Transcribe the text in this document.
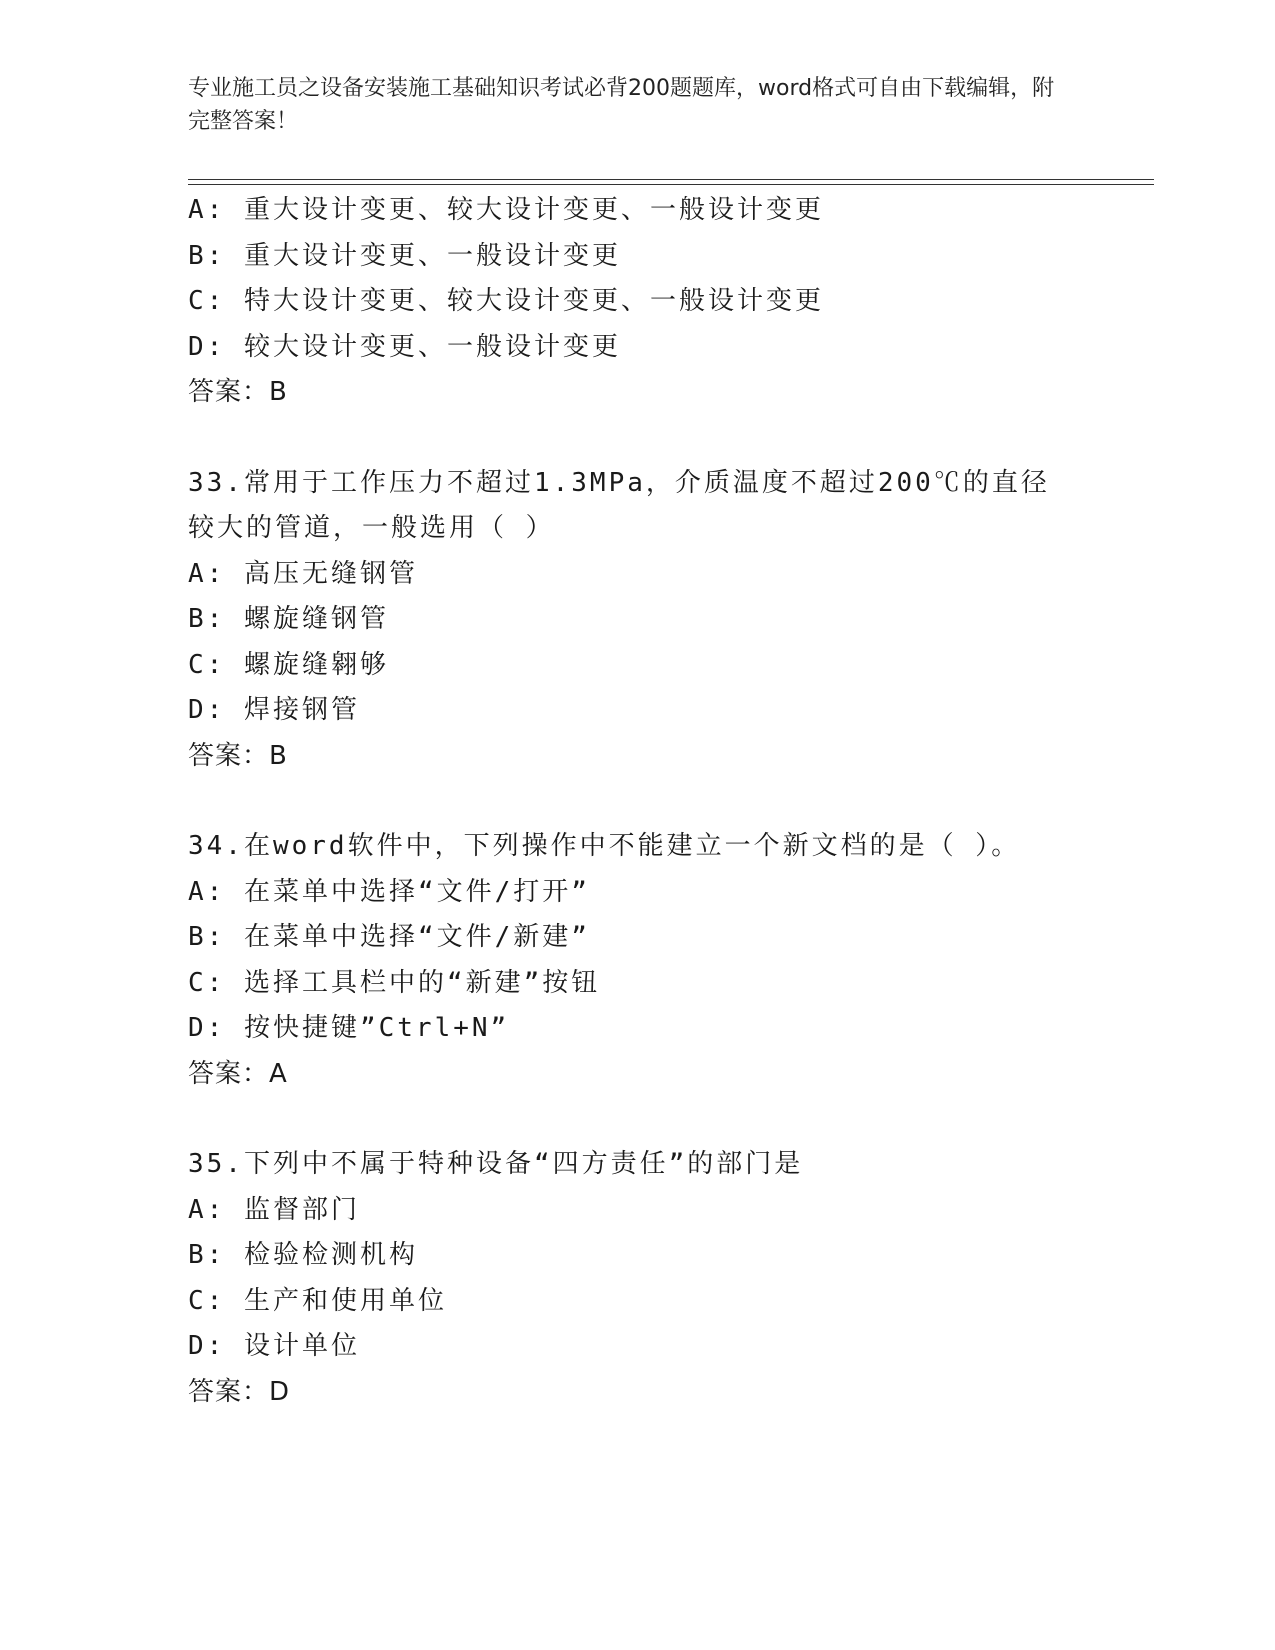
专业施工员之设备安装施工基础知识考试必背200题题库，word格式可自由下载编辑，附完整答案！
A: 重大设计变更、较大设计变更、一般设计变更
B: 重大设计变更、一般设计变更
C: 特大设计变更、较大设计变更、一般设计变更
D: 较大设计变更、一般设计变更
答案：B
33.常用于工作压力不超过1.3MPa，介质温度不超过200℃的直径较大的管道，一般选用（ ）
A: 高压无缝钢管
B: 螺旋缝钢管
C: 螺旋缝翱够
D: 焊接钢管
答案：B
34.在word软件中，下列操作中不能建立一个新文档的是（ ）。
A: 在菜单中选择“文件/打开”
B: 在菜单中选择“文件/新建”
C: 选择工具栏中的“新建”按钮
D: 按快捷键”Ctrl+N”
答案：A
35.下列中不属于特种设备“四方责任”的部门是
A: 监督部门
B: 检验检测机构
C: 生产和使用单位
D: 设计单位
答案：D
